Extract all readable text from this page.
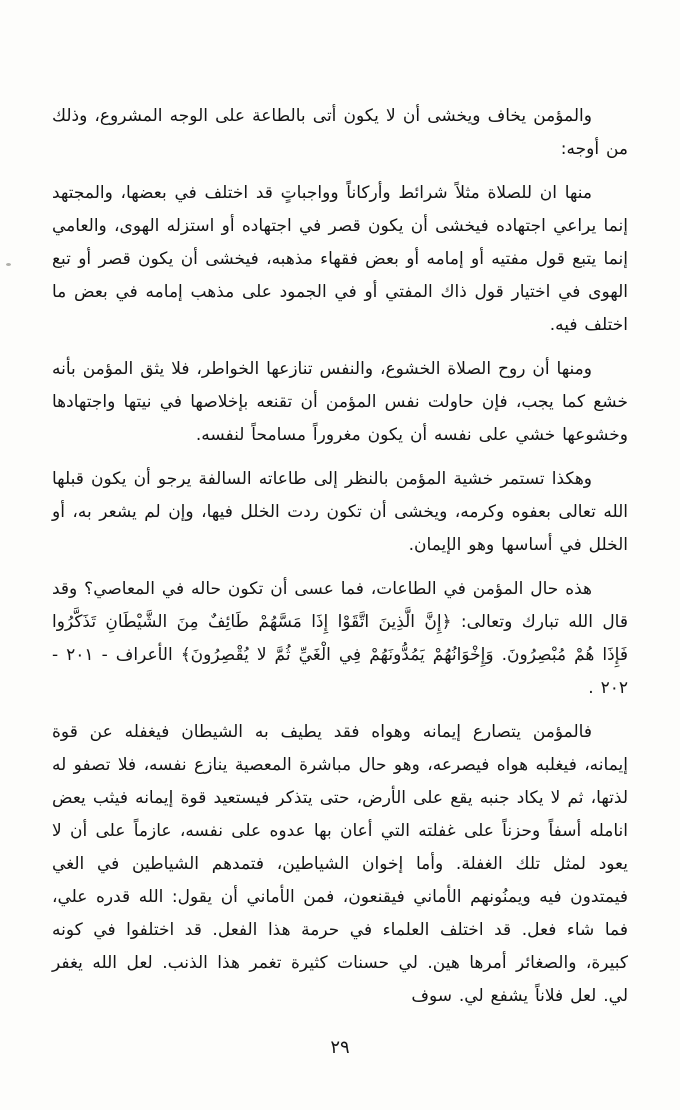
والمؤمن يخاف ويخشى أن لا يكون أتى بالطاعة على الوجه المشروع، وذلك من أوجه:

منها ان للصلاة مثلاً شرائط وأركاناً وواجباتٍ قد اختلف في بعضها، والمجتهد إنما يراعي اجتهاده فيخشى أن يكون قصر في اجتهاده أو استزله الهوى، والعامي إنما يتبع قول مفتيه أو إمامه أو بعض فقهاء مذهبه، فيخشى أن يكون قصر أو تبع الهوى في اختيار قول ذاك المفتي أو في الجمود على مذهب إمامه في بعض ما اختلف فيه.

ومنها أن روح الصلاة الخشوع، والنفس تنازعها الخواطر، فلا يثق المؤمن بأنه خشع كما يجب، فإن حاولت نفس المؤمن أن تقنعه بإخلاصها في نيتها واجتهادها وخشوعها خشي على نفسه أن يكون مغروراً مسامحاً لنفسه.

وهكذا تستمر خشية المؤمن بالنظر إلى طاعاته السالفة يرجو أن يكون قبلها الله تعالى بعفوه وكرمه، ويخشى أن تكون ردت الخلل فيها، وإن لم يشعر به، أو الخلل في أساسها وهو الإيمان.

هذه حال المؤمن في الطاعات، فما عسى أن تكون حاله في المعاصي؟ وقد قال الله تبارك وتعالى: ﴿إِنَّ الَّذِينَ اتَّقَوْا إِذَا مَسَّهُمْ طَائِفٌ مِنَ الشَّيْطَانِ تَذَكَّرُوا فَإِذَا هُمْ مُبْصِرُونَ. وَإِخْوَانُهُمْ يَمُدُّونَهُمْ فِي الْغَيِّ ثُمَّ لا يُقْصِرُونَ﴾ الأعراف - ٢٠١ - ٢٠٢ .

فالمؤمن يتصارع إيمانه وهواه فقد يطيف به الشيطان فيغفله عن قوة إيمانه، فيغلبه هواه فيصرعه، وهو حال مباشرة المعصية ينازع نفسه، فلا تصفو له لذتها، ثم لا يكاد جنبه يقع على الأرض، حتى يتذكر فيستعيد قوة إيمانه فيثب يعض انامله أسفاً وحزناً على غفلته التي أعان بها عدوه على نفسه، عازماً على أن لا يعود لمثل تلك الغفلة. وأما إخوان الشياطين، فتمدهم الشياطين في الغي فيمتدون فيه ويمنُونهم الأماني فيقنعون، فمن الأماني أن يقول: الله قدره علي، فما شاء فعل. قد اختلف العلماء في حرمة هذا الفعل. قد اختلفوا في كونه كبيرة، والصغائر أمرها هين. لي حسنات كثيرة تغمر هذا الذنب. لعل الله يغفر لي. لعل فلاناً يشفع لي. سوف

٢٩
